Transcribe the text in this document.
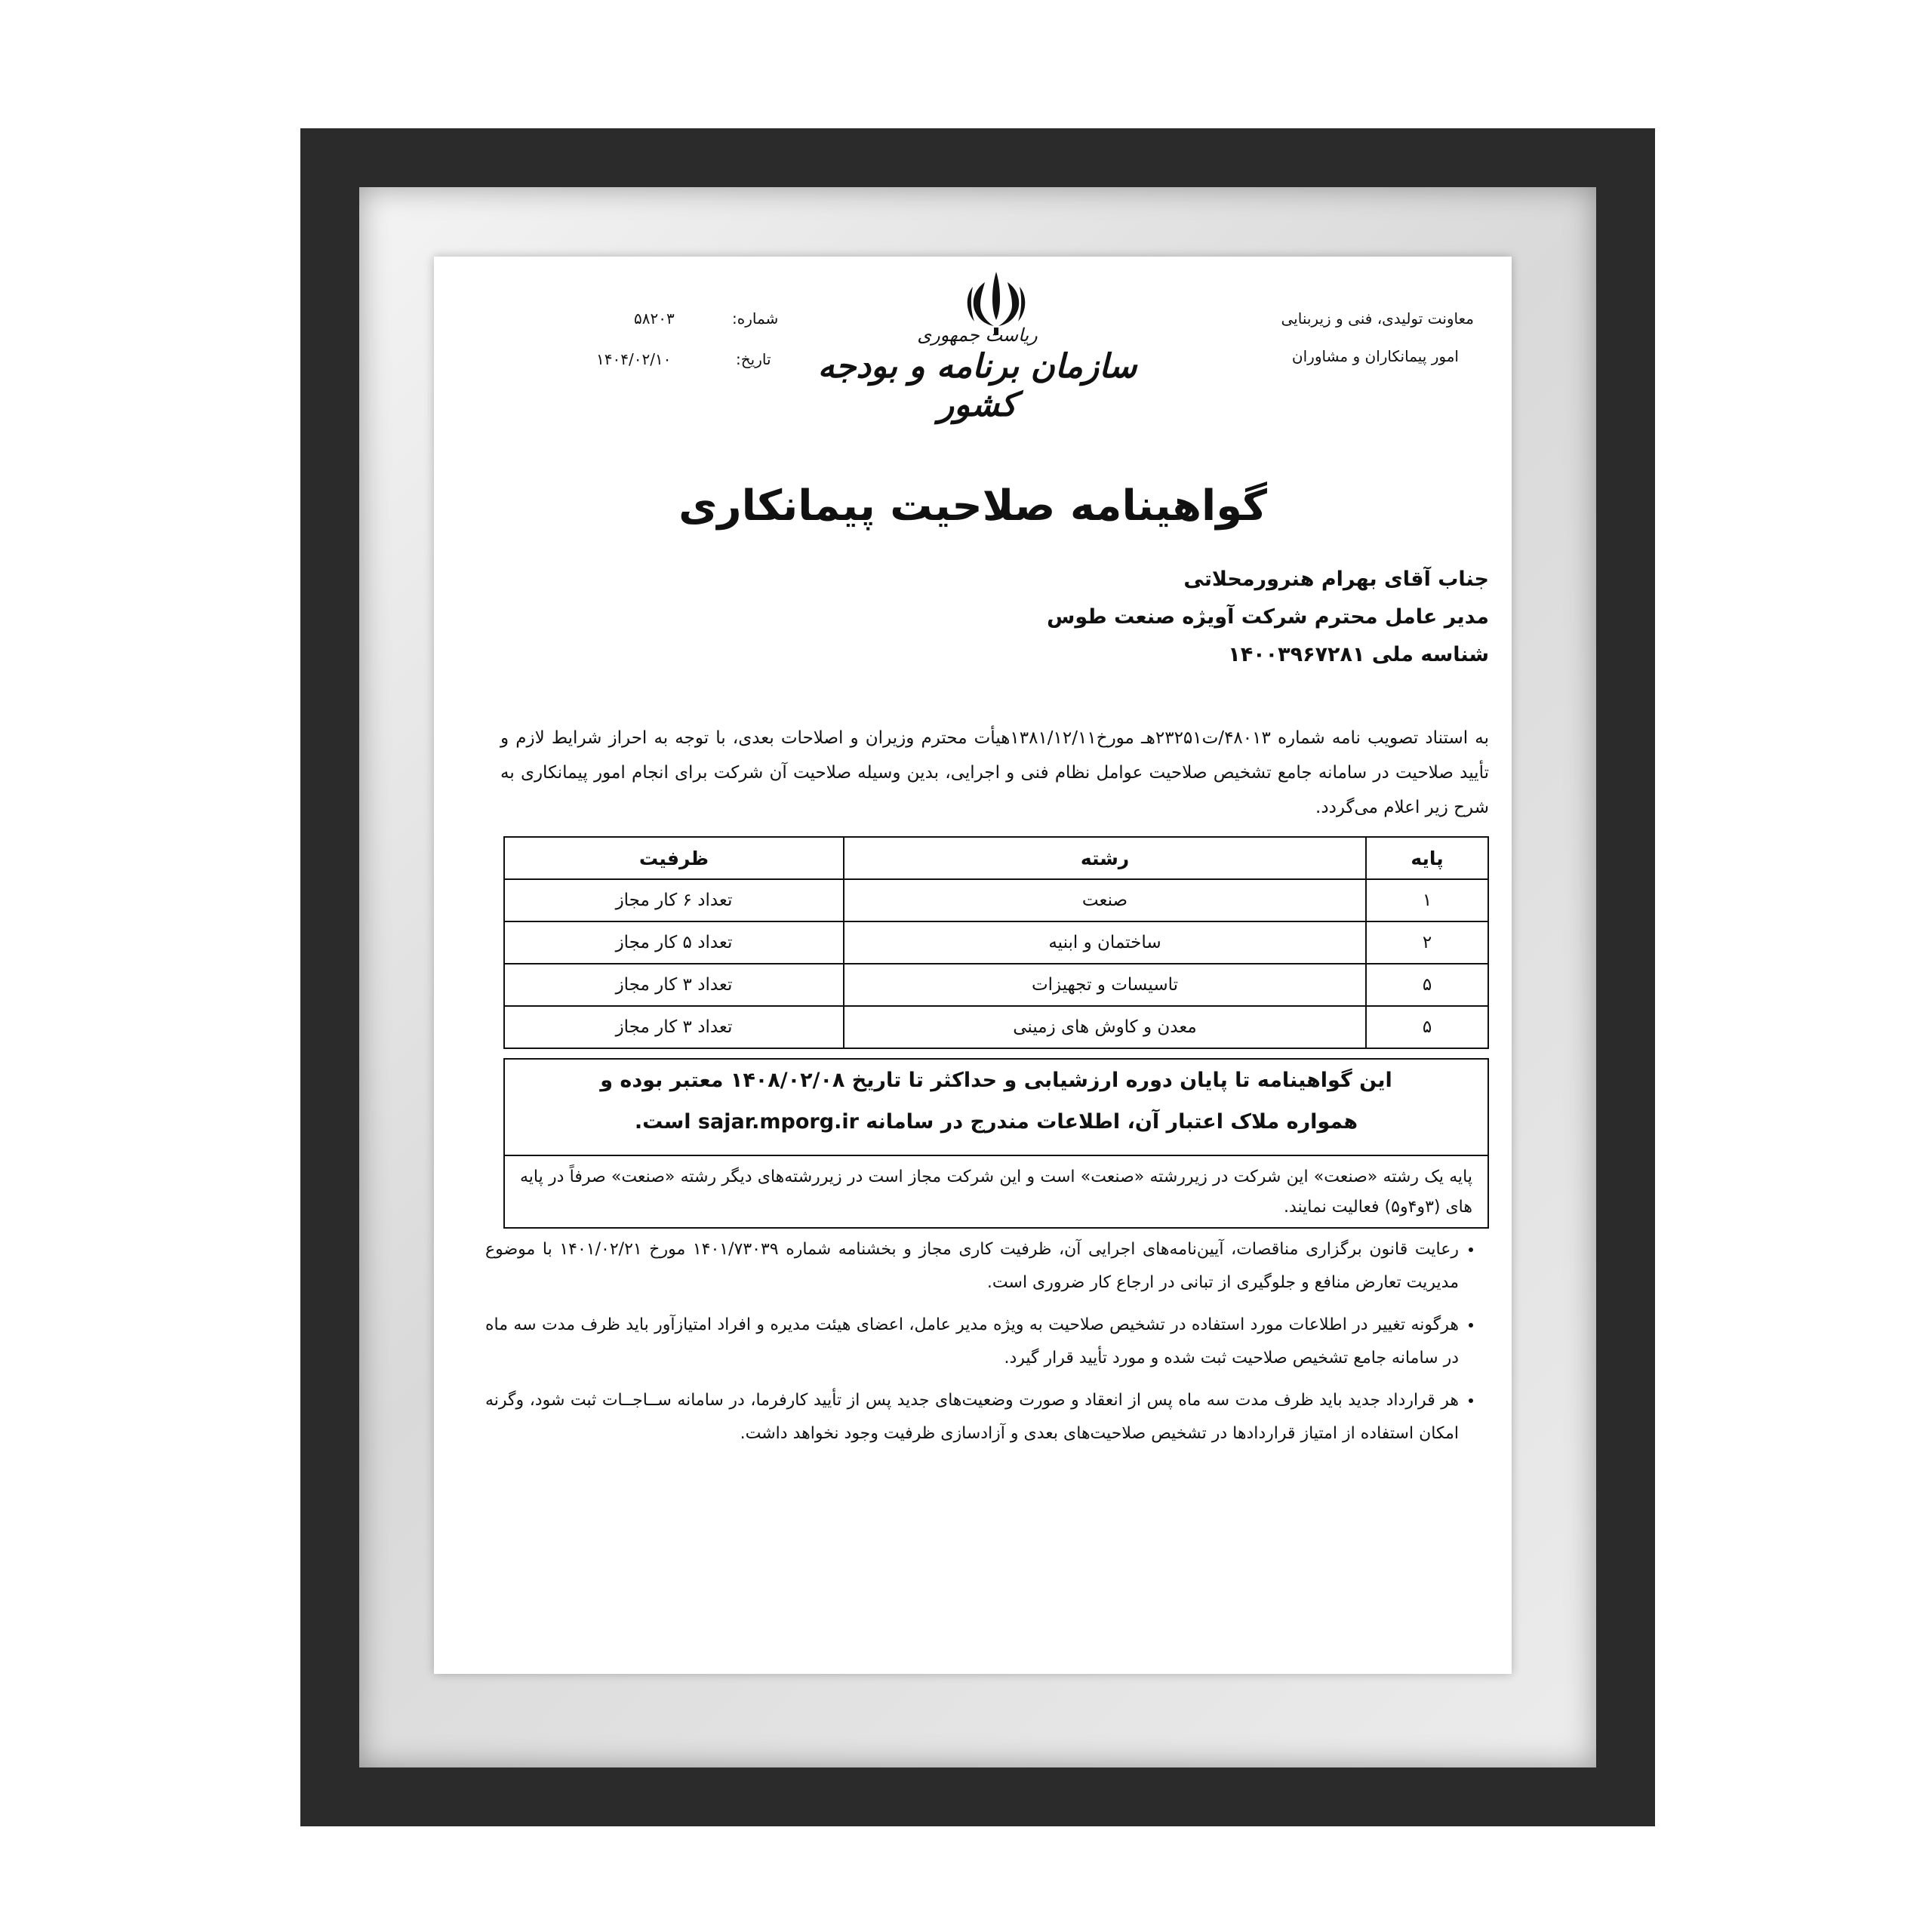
معاونت تولیدی، فنی و زیربنایی
امور پیمانکاران و مشاوران
شماره:
۵۸۲۰۳
تاریخ:
۱۴۰۴/۰۲/۱۰
ریاست جمهوری
سازمان برنامه و بودجه کشور
گواهینامه صلاحیت پیمانکاری
جناب آقای بهرام هنرورمحلاتی
مدیر عامل محترم شرکت آویژه صنعت طوس
شناسه ملی ۱۴۰۰۳۹۶۷۲۸۱
به استناد تصویب نامه شماره ۴۸۰۱۳/ت۲۳۲۵۱هـ مورخ۱۳۸۱/۱۲/۱۱هیأت محترم وزیران و اصلاحات بعدی، با توجه به احراز شرایط لازم و تأیید صلاحیت در سامانه جامع تشخیص صلاحیت عوامل نظام فنی و اجرایی، بدین وسیله صلاحیت آن شرکت برای انجام امور پیمانکاری به شرح زیر اعلام می‌گردد.
پایه	رشته	ظرفیت
۱	صنعت	تعداد ۶ کار مجاز
۲	ساختمان و ابنیه	تعداد ۵ کار مجاز
۵	تاسیسات و تجهیزات	تعداد ۳ کار مجاز
۵	معدن و کاوش های زمینی	تعداد ۳ کار مجاز
این گواهینامه تا پایان دوره ارزشیابی و حداکثر تا تاریخ ۱۴۰۸/۰۲/۰۸ معتبر بوده و
همواره ملاک اعتبار آن، اطلاعات مندرج در سامانه sajar.mporg.ir است.
پایه یک رشته «صنعت» این شرکت در زیررشته «صنعت» است و این شرکت مجاز است در زیررشته‌های دیگر رشته «صنعت» صرفاً در پایه های (۳و۴و۵) فعالیت نمایند.
• رعایت قانون برگزاری مناقصات، آیین‌نامه‌های اجرایی آن، ظرفیت کاری مجاز و بخشنامه شماره ۱۴۰۱/۷۳۰۳۹ مورخ ۱۴۰۱/۰۲/۲۱ با موضوع مدیریت تعارض منافع و جلوگیری از تبانی در ارجاع کار ضروری است.
• هرگونه تغییر در اطلاعات مورد استفاده در تشخیص صلاحیت به ویژه مدیر عامل، اعضای هیئت مدیره و افراد امتیازآور باید ظرف مدت سه ماه در سامانه جامع تشخیص صلاحیت ثبت شده و مورد تأیید قرار گیرد.
• هر قرارداد جدید باید ظرف مدت سه ماه پس از انعقاد و صورت وضعیت‌های جدید پس از تأیید کارفرما، در سامانه ســاجــات ثبت شود، وگرنه امکان استفاده از امتیاز قراردادها در تشخیص صلاحیت‌های بعدی و آزادسازی ظرفیت وجود نخواهد داشت.
